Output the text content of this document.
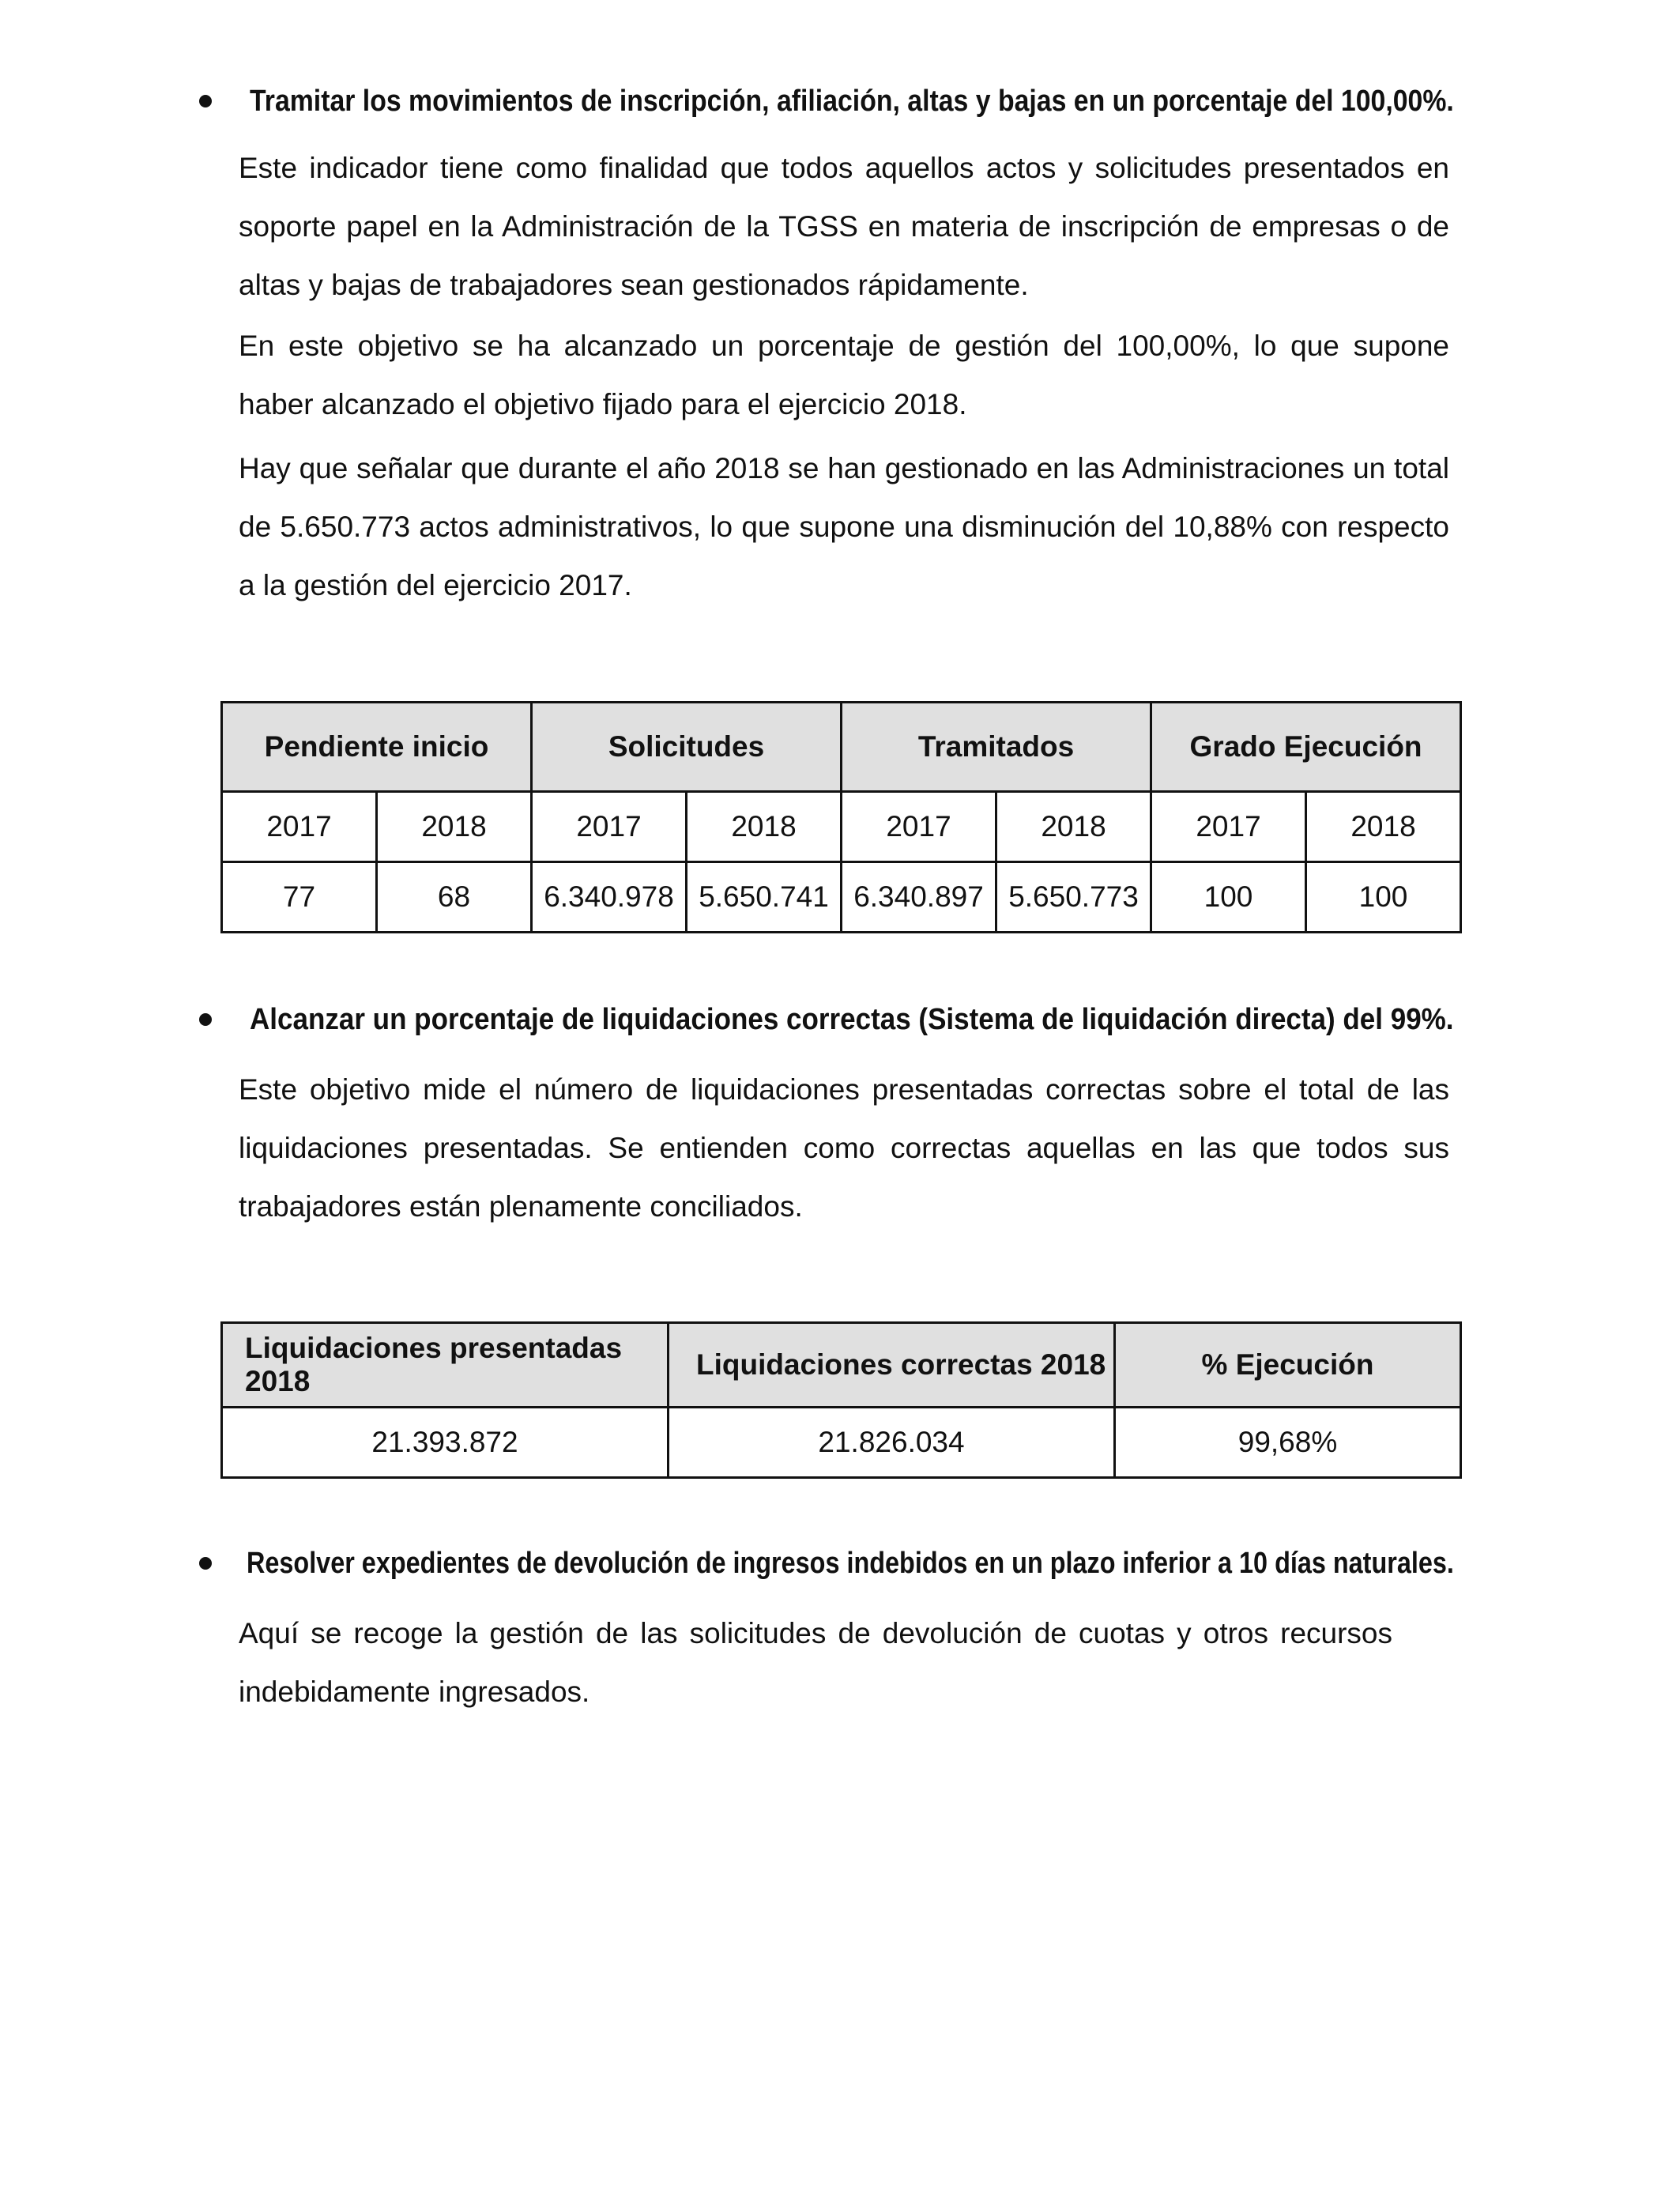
Tramitar los movimientos de inscripción, afiliación, altas y bajas en un porcentaje del 100,00%.

Este indicador tiene como finalidad que todos aquellos actos y solicitudes presentados en soporte papel en la Administración de la TGSS en materia de inscripción de empresas o de altas y bajas de trabajadores sean gestionados rápidamente.

En este objetivo se ha alcanzado un porcentaje de gestión del 100,00%, lo que supone haber alcanzado el objetivo fijado para el ejercicio 2018.

Hay que señalar que durante el año 2018 se han gestionado en las Administraciones un total de 5.650.773 actos administrativos, lo que supone una disminución del 10,88% con respecto a la gestión del ejercicio 2017.

Pendiente inicio		Solicitudes		Tramitados		Grado Ejecución	
2017	2018	2017	2018	2017	2018	2017	2018
77	68	6.340.978	5.650.741	6.340.897	5.650.773	100	100
Alcanzar un porcentaje de liquidaciones correctas (Sistema de liquidación directa) del 99%.

Este objetivo mide el número de liquidaciones presentadas correctas sobre el total de las liquidaciones presentadas. Se entienden como correctas aquellas en las que todos sus trabajadores están plenamente conciliados.

Liquidaciones presentadas 2018	Liquidaciones correctas 2018	% Ejecución
21.393.872	21.826.034	99,68%
Resolver expedientes de devolución de ingresos indebidos en un plazo inferior a 10 días naturales.

Aquí se recoge la gestión de las solicitudes de devolución de cuotas y otros recursos indebidamente ingresados.
